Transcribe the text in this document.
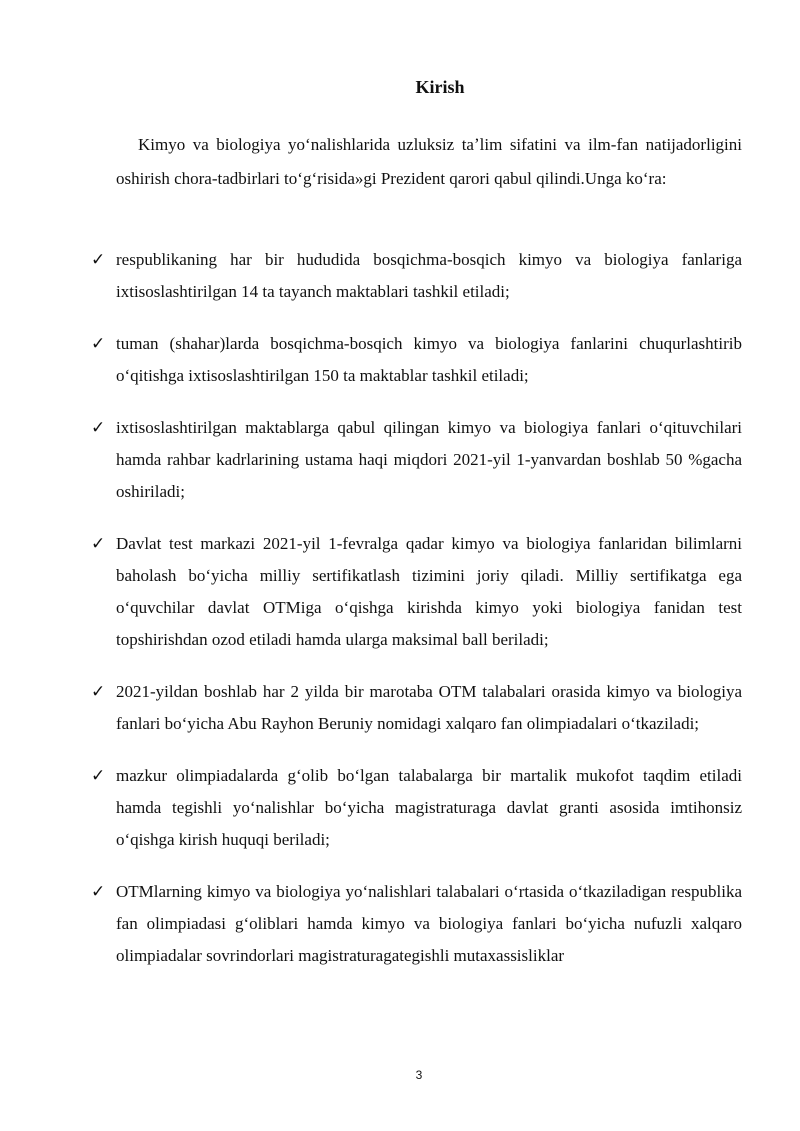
Kirish

Kimyo va biologiya yoʻnalishlarida uzluksiz taʼlim sifatini va ilm-fan natijadorligini oshirish chora-tadbirlari toʻgʻrisida»gi Prezident qarori qabul qilindi.Unga koʻra:

✓ respublikaning har bir hududida bosqichma-bosqich kimyo va biologiya fanlariga ixtisoslashtirilgan 14 ta tayanch maktablari tashkil etiladi;

✓ tuman (shahar)larda bosqichma-bosqich kimyo va biologiya fanlarini chuqurlashtirib oʻqitishga ixtisoslashtirilgan 150 ta maktablar tashkil etiladi;

✓ ixtisoslashtirilgan maktablarga qabul qilingan kimyo va biologiya fanlari oʻqituvchilari hamda rahbar kadrlarining ustama haqi miqdori 2021-yil 1-yanvardan boshlab 50 %gacha oshiriladi;

✓ Davlat test markazi 2021-yil 1-fevralga qadar kimyo va biologiya fanlaridan bilimlarni baholash boʻyicha milliy sertifikatlash tizimini joriy qiladi. Milliy sertifikatga ega oʻquvchilar davlat OTMiga oʻqishga kirishda kimyo yoki biologiya fanidan test topshirishdan ozod etiladi hamda ularga maksimal ball beriladi;

✓ 2021-yildan boshlab har 2 yilda bir marotaba OTM talabalari orasida kimyo va biologiya fanlari boʻyicha Abu Rayhon Beruniy nomidagi xalqaro fan olimpiadalari oʻtkaziladi;

✓ mazkur olimpiadalarda gʻolib boʻlgan talabalarga bir martalik mukofot taqdim etiladi hamda tegishli yoʻnalishlar boʻyicha magistraturaga davlat granti asosida imtihonsiz oʻqishga kirish huquqi beriladi;

✓ OTMlarning kimyo va biologiya yoʻnalishlari talabalari oʻrtasida oʻtkaziladigan respublika fan olimpiadasi gʻoliblari hamda kimyo va biologiya fanlari boʻyicha nufuzli xalqaro olimpiadalar sovrindorlari magistraturagategishli mutaxassisliklar

3
